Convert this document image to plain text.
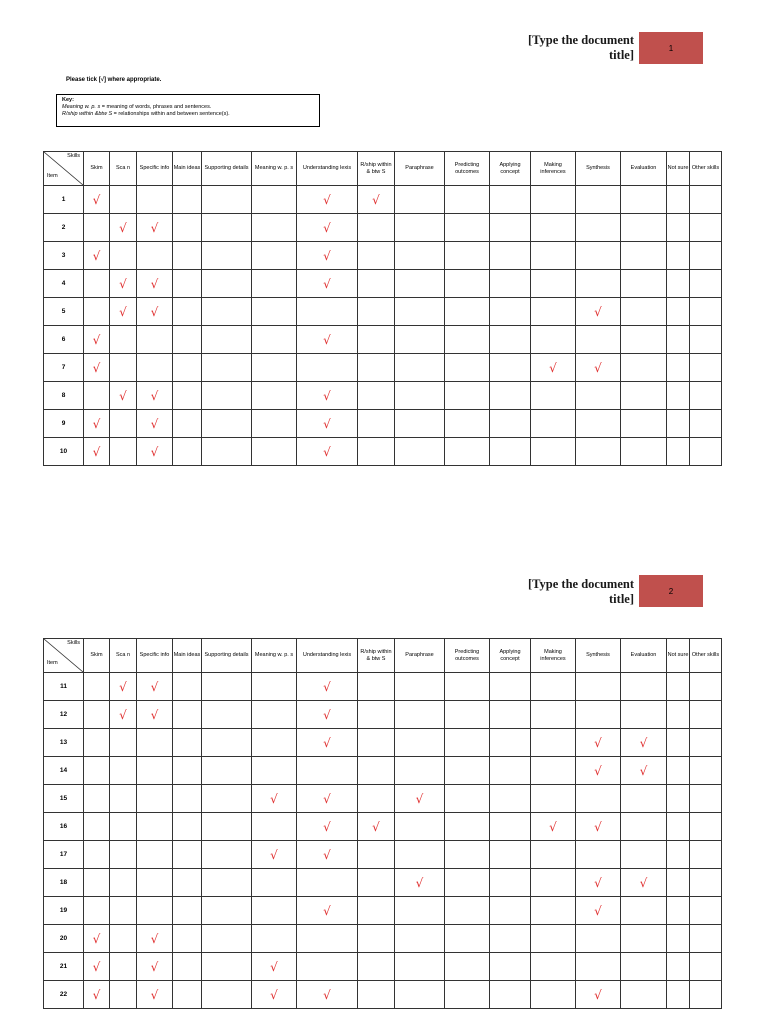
[Type the document title]	1
Please tick [√] where appropriate.
Key:
Meaning w. p. s = meaning of words, phrases and sentences.
R/ship within &btw S = relationships within and between sentence(s).
Skills
Item	Skim	Sca n	Specific info	Main ideas	Supporting details	Meaning w. p. s	Understanding lexis	R/ship within & btw S	Paraphrase	Predicting outcomes	Applying concept	Making inferences	Synthesis	Evaluation	Not sure	Other skills
1	√						√	√								
2		√	√				√									
3	√						√									
4		√	√				√									
5		√	√										√			
6	√						√									
7	√											√	√			
8		√	√				√									
9	√		√				√									
10	√		√				√									
[Type the document title]
2
Skills
Item	Skim	Sca n	Specific info	Main ideas	Supporting details	Meaning w. p. s	Understanding lexis	R/ship within & btw S	Paraphrase	Predicting outcomes	Applying concept	Making inferences	Synthesis	Evaluation	Not sure	Other skills
11		√	√				√									
12		√	√				√									
13							√						√	√		
14													√	√		
15						√	√		√							
16							√	√				√	√			
17						√	√									
18									√				√	√		
19							√						√			
20	√		√													
21	√		√			√										
22	√		√			√	√						√			
